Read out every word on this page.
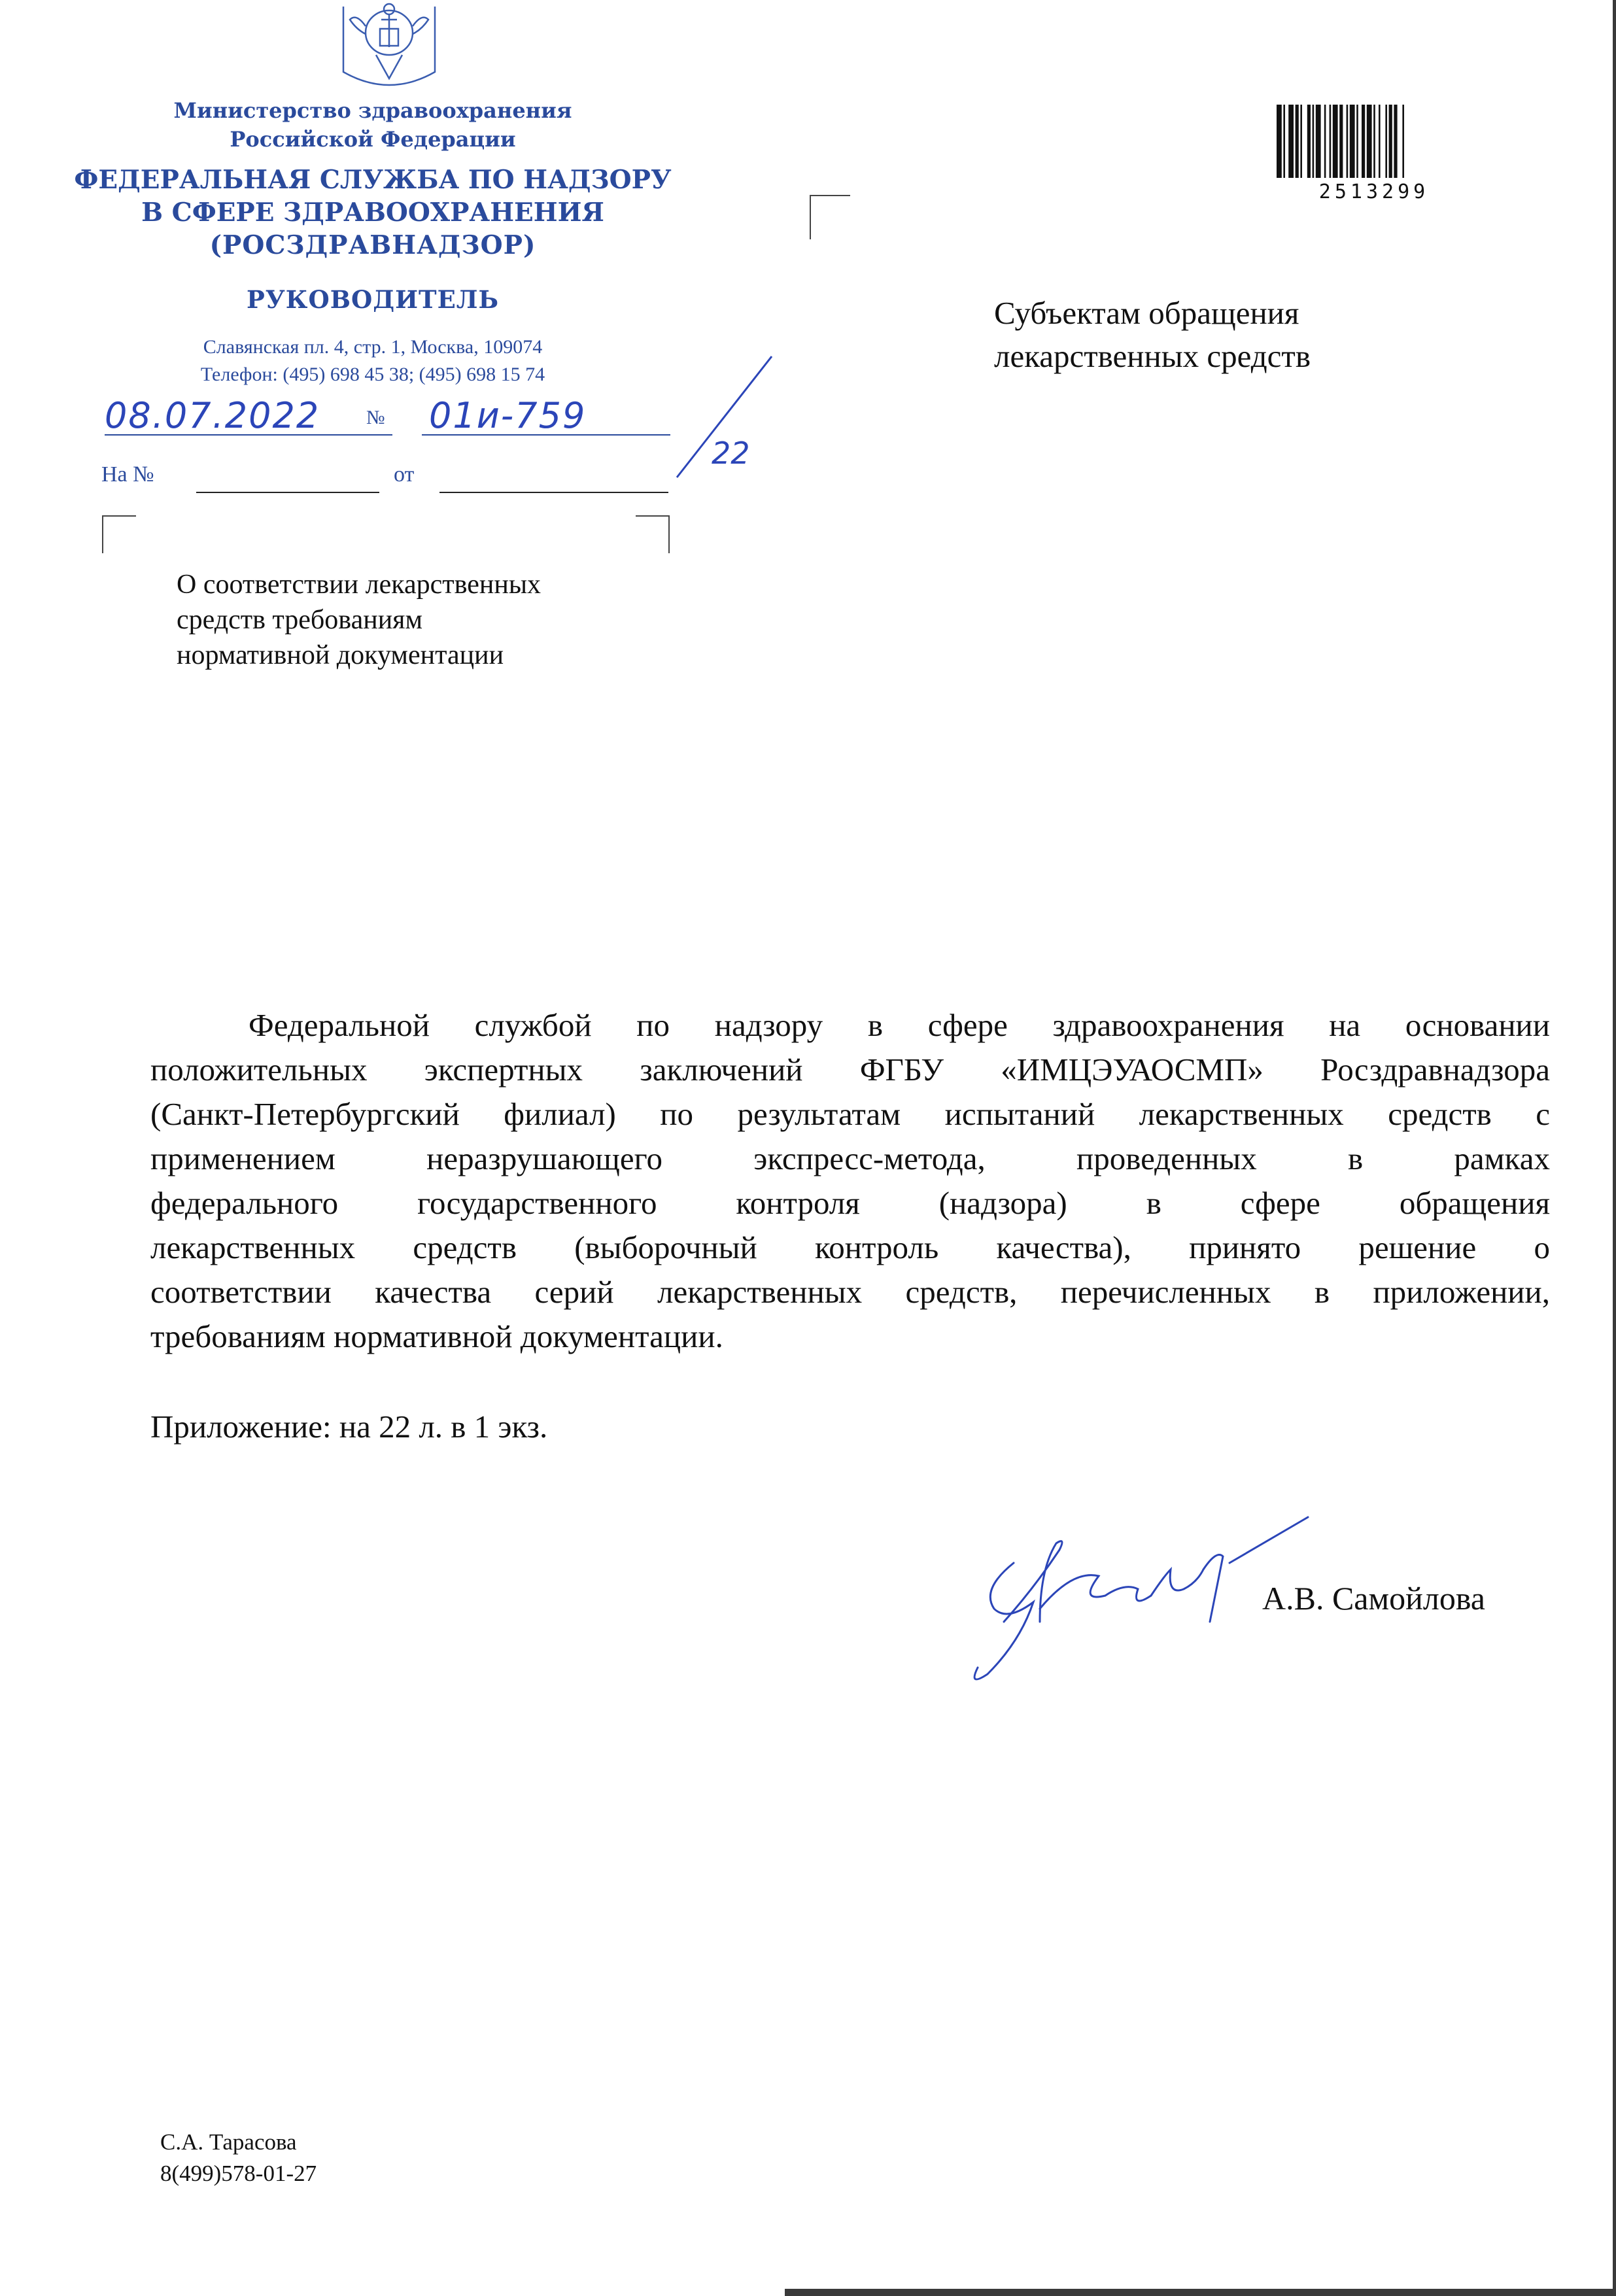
Министерство здравоохранения
Российской Федерации
ФЕДЕРАЛЬНАЯ СЛУЖБА ПО НАДЗОРУ
В СФЕРЕ ЗДРАВООХРАНЕНИЯ
(РОСЗДРАВНАДЗОР)
РУКОВОДИТЕЛЬ
Славянская пл. 4, стр. 1, Москва, 109074
Телефон: (495) 698 45 38; (495) 698 15 74
08.07.2022 № 01и-759
22
На №	от
2513299
Субъектам обращения
лекарственных средств
О соответствии лекарственных
средств требованиям
нормативной документации
Федеральной службой по надзору в сфере здравоохранения на основании
положительных экспертных заключений ФГБУ «ИМЦЭУАОСМП» Росздравнадзора
(Санкт-Петербургский филиал) по результатам испытаний лекарственных средств с
применением неразрушающего экспресс-метода, проведенных в рамках
федерального государственного контроля (надзора) в сфере обращения
лекарственных средств (выборочный контроль качества), принято решение о
соответствии качества серий лекарственных средств, перечисленных в приложении,
требованиям нормативной документации.
Приложение: на 22 л. в 1 экз.
А.В. Самойлова
С.А. Тарасова
8(499)578-01-27
